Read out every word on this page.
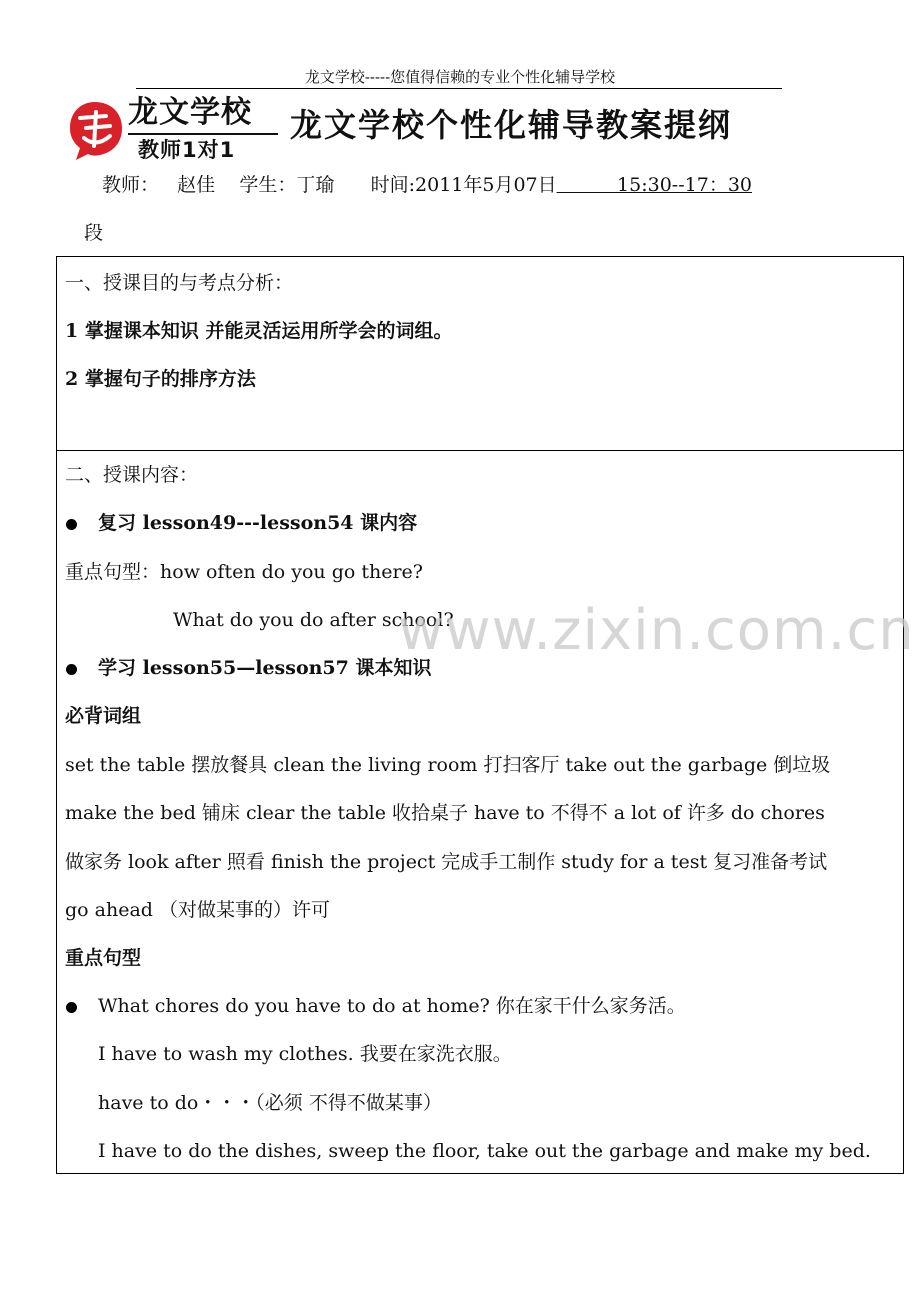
龙文学校-----您值得信赖的专业个性化辅导学校
龙文学校
教师1对1
龙文学校个性化辅导教案提纲
教师： 赵佳 学生：丁瑜 时间:2011年5月07日	15:30--17：30
段
一、授课目的与考点分析：
1 掌握课本知识 并能灵活运用所学会的词组。
2 掌握句子的排序方法
二、授课内容：
复习 lesson49---lesson54 课内容
重点句型：how often do you go there?
What do you do after school?
学习 lesson55—lesson57 课本知识
必背词组
set the table 摆放餐具 clean the living room 打扫客厅 take out the garbage 倒垃圾
make the bed 铺床 clear the table 收拾桌子 have to 不得不 a lot of 许多 do chores
做家务 look after 照看 finish the project 完成手工制作 study for a test 复习准备考试
go ahead （对做某事的）许可
重点句型
What chores do you have to do at home? 你在家干什么家务活。
I have to wash my clothes. 我要在家洗衣服。
have to do・・・（必须 不得不做某事）
I have to do the dishes, sweep the floor, take out the garbage and make my bed.
www.zixin.com.cn
